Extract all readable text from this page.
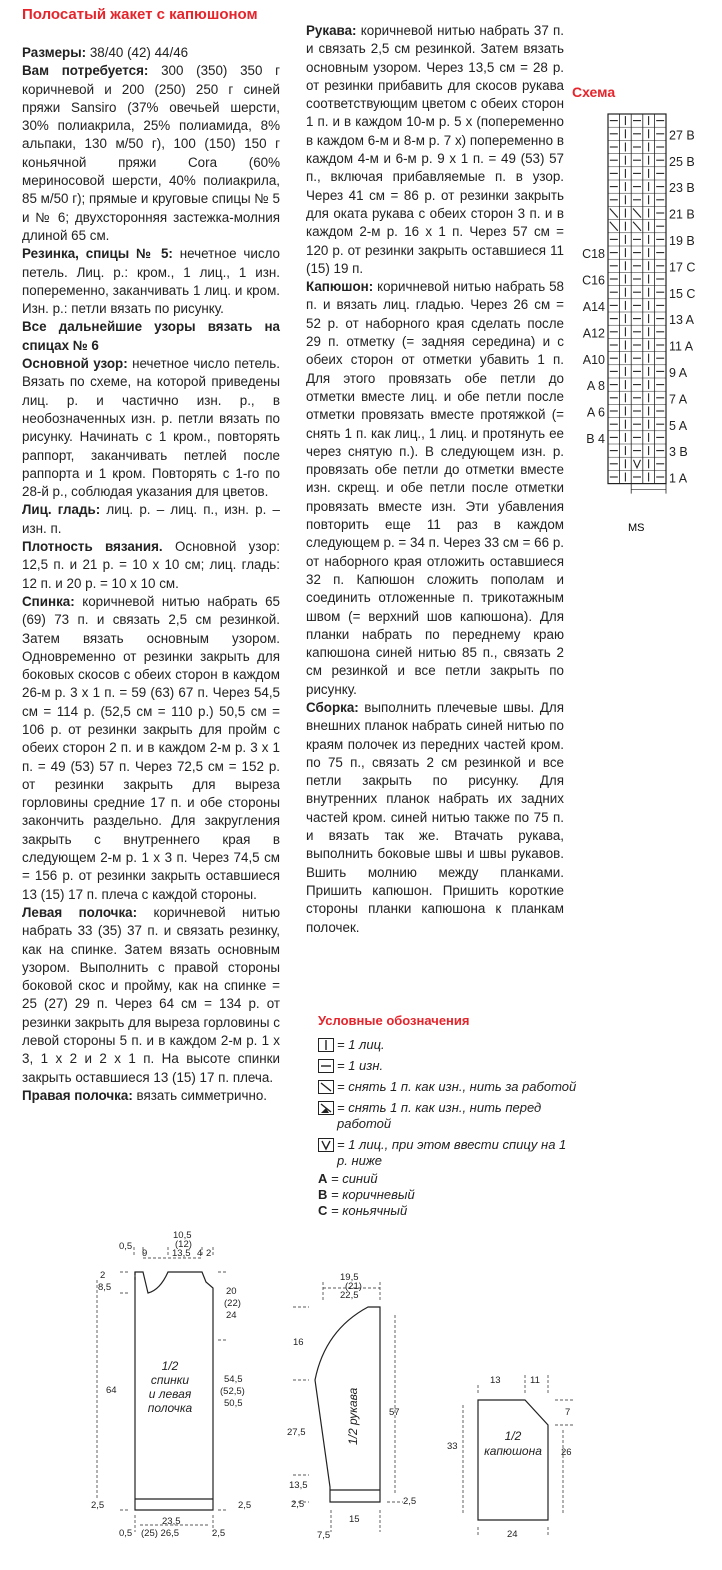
Полосатый жакет с капюшоном

Размеры: 38/40 (42) 44/46

Вам потребуется: 300 (350) 350 г коричневой и 200 (250) 250 г синей пряжи Sansiro (37% овечьей шерсти, 30% полиакрила, 25% полиамида, 8% альпаки, 130 м/50 г), 100 (150) 150 г коньячной пряжи Cora (60% мериносовой шерсти, 40% полиакрила, 85 м/50 г); прямые и круговые спицы № 5 и № 6; двухсторонняя застежка-молния длиной 65 см.

Резинка, спицы № 5: нечетное число петель. Лиц. р.: кром., 1 лиц., 1 изн. попеременно, заканчивать 1 лиц. и кром. Изн. р.: петли вязать по рисунку.

Все дальнейшие узоры вязать на спицах № 6

Основной узор: нечетное число петель. Вязать по схеме, на которой приведены лиц. р. и частично изн. р., в необозначенных изн. р. петли вязать по рисунку. Начинать с 1 кром., повторять раппорт, заканчивать петлей после раппорта и 1 кром. Повторять с 1-го по 28-й р., соблюдая указания для цветов.

Лиц. гладь: лиц. р. – лиц. п., изн. р. – изн. п.

Плотность вязания. Основной узор: 12,5 п. и 21 р. = 10 х 10 см; лиц. гладь: 12 п. и 20 р. = 10 х 10 см.

Спинка: коричневой нитью набрать 65 (69) 73 п. и связать 2,5 см резинкой. Затем вязать основным узором. Одновременно от резинки закрыть для боковых скосов с обеих сторон в каждом 26-м р. 3 х 1 п. = 59 (63) 67 п. Через 54,5 см = 114 р. (52,5 см = 110 р.) 50,5 см = 106 р. от резинки закрыть для пройм с обеих сторон 2 п. и в каждом 2-м р. 3 х 1 п. = 49 (53) 57 п. Через 72,5 см = 152 р. от резинки закрыть для выреза горловины средние 17 п. и обе стороны закончить раздельно. Для закругления закрыть с внутреннего края в следующем 2-м р. 1 х 3 п. Через 74,5 см = 156 р. от резинки закрыть оставшиеся 13 (15) 17 п. плеча с каждой стороны.

Левая полочка: коричневой нитью набрать 33 (35) 37 п. и связать резинку, как на спинке. Затем вязать основным узором. Выполнить с правой стороны боковой скос и пройму, как на спинке = 25 (27) 29 п. Через 64 см = 134 р. от резинки закрыть для выреза горловины с левой стороны 5 п. и в каждом 2-м р. 1 х 3, 1 х 2 и 2 х 1 п. На высоте спинки закрыть оставшиеся 13 (15) 17 п. плеча.

Правая полочка: вязать симметрично.

Рукава: коричневой нитью набрать 37 п. и связать 2,5 см резинкой. Затем вязать основным узором. Через 13,5 см = 28 р. от резинки прибавить для скосов рукава соответствующим цветом с обеих сторон 1 п. и в каждом 10-м р. 5 х (попеременно в каждом 6-м и 8-м р. 7 х) попеременно в каждом 4-м и 6-м р. 9 х 1 п. = 49 (53) 57 п., включая прибавляемые п. в узор. Через 41 см = 86 р. от резинки закрыть для оката рукава с обеих сторон 3 п. и в каждом 2-м р. 16 х 1 п. Через 57 см = 120 р. от резинки закрыть оставшиеся 11 (15) 19 п.

Капюшон: коричневой нитью набрать 58 п. и вязать лиц. гладью. Через 26 см = 52 р. от наборного края сделать после 29 п. отметку (= задняя середина) и с обеих сторон от отметки убавить 1 п. Для этого провязать обе петли до отметки вместе лиц. и обе петли после отметки провязать вместе протяжкой (= снять 1 п. как лиц., 1 лиц. и протянуть ее через снятую п.). В следующем изн. р. провязать обе петли до отметки вместе изн. скрещ. и обе петли после отметки провязать вместе изн. Эти убавления повторить еще 11 раз в каждом следующем р. = 34 п. Через 33 см = 66 р. от наборного края отложить оставшиеся 32 п. Капюшон сложить пополам и соединить отложенные п. трикотажным швом (= верхний шов капюшона). Для планки набрать по переднему краю капюшона синей нитью 85 п., связать 2 см резинкой и все петли закрыть по рисунку.

Сборка: выполнить плечевые швы. Для внешних планок набрать синей нитью по краям полочек из передних частей кром. по 75 п., связать 2 см резинкой и все петли закрыть по рисунку. Для внутренних планок набрать их задних частей кром. синей нитью также по 75 п. и вязать так же. Втачать рукава, выполнить боковые швы и швы рукавов. Вшить молнию между планками. Пришить капюшон. Пришить короткие стороны планки капюшона к планкам полочек.

Условные обозначения
= 1 лиц.
= 1 изн.
= снять 1 п. как изн., нить за работой
= снять 1 п. как изн., нить перед работой
= 1 лиц., при этом ввести спицу на 1 р. ниже
A = синий
B = коричневый
C = коньячный
Схема
27 B
25 B
23 B
21 B
19 B
17 C
15 C
13 A
11 A
9 A
7 A
5 A
3 B
1 A
C18
C16
A14
A12
A10
A 8
A 6
B 4
MS
10,5
(12)
13,5
0,5
9	4 2
2
8,5
64
20
(22)
24
54,5
(52,5)
50,5
2,5	2,5
23,5
(25) 26,5
0,5	2,5
1/2
спинки
и левая
полочка
19,5
(21)
22,5
16
27,5
13,5
2,5
57
2,5
15
7,5
1/2 рукава
13	11
7
33
26
24
1/2
капюшона
